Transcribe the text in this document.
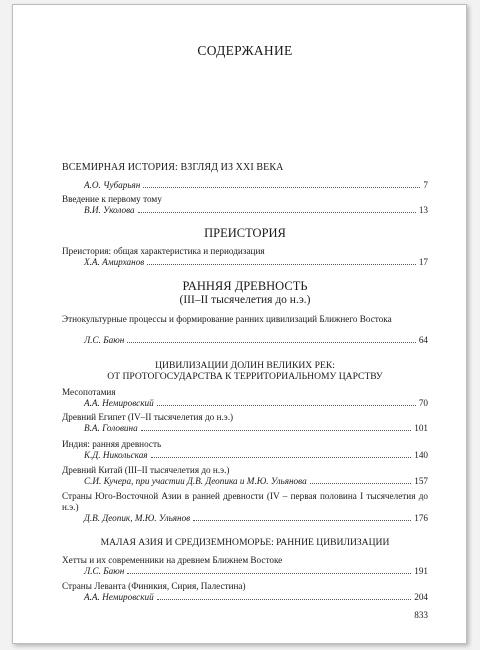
СОДЕРЖАНИЕ
ВСЕМИРНАЯ ИСТОРИЯ: ВЗГЛЯД ИЗ XXI ВЕКА
А.О. Чубарьян	7
Введение к первому тому
В.И. Уколова	13
ПРЕИСТОРИЯ
Преистория: общая характеристика и периодизация
Х.А. Амирханов	17
РАННЯЯ ДРЕВНОСТЬ
(III–II тысячелетия до н.э.)
Этнокультурные процессы и формирование ранних цивилизаций Ближнего Востока
Л.С. Баюн	64
ЦИВИЛИЗАЦИИ ДОЛИН ВЕЛИКИХ РЕК:
ОТ ПРОТОГОСУДАРСТВА К ТЕРРИТОРИАЛЬНОМУ ЦАРСТВУ
Месопотамия
А.А. Немировский	70
Древний Египет (IV–II тысячелетия до н.э.)
В.А. Головина	101
Индия: ранняя древность
К.Д. Никольская	140
Древний Китай (III–II тысячелетия до н.э.)
С.И. Кучера, при участии Д.В. Деопика и М.Ю. Ульянова	157
Страны Юго-Восточной Азии в ранней древности (IV – первая половина I тысячелетия до н.э.)
Д.В. Деопик, М.Ю. Ульянов	176
МАЛАЯ АЗИЯ И СРЕДИЗЕМНОМОРЬЕ: РАННИЕ ЦИВИЛИЗАЦИИ
Хетты и их современники на древнем Ближнем Востоке
Л.С. Баюн	191
Страны Леванта (Финикия, Сирия, Палестина)
А.А. Немировский	204
833
